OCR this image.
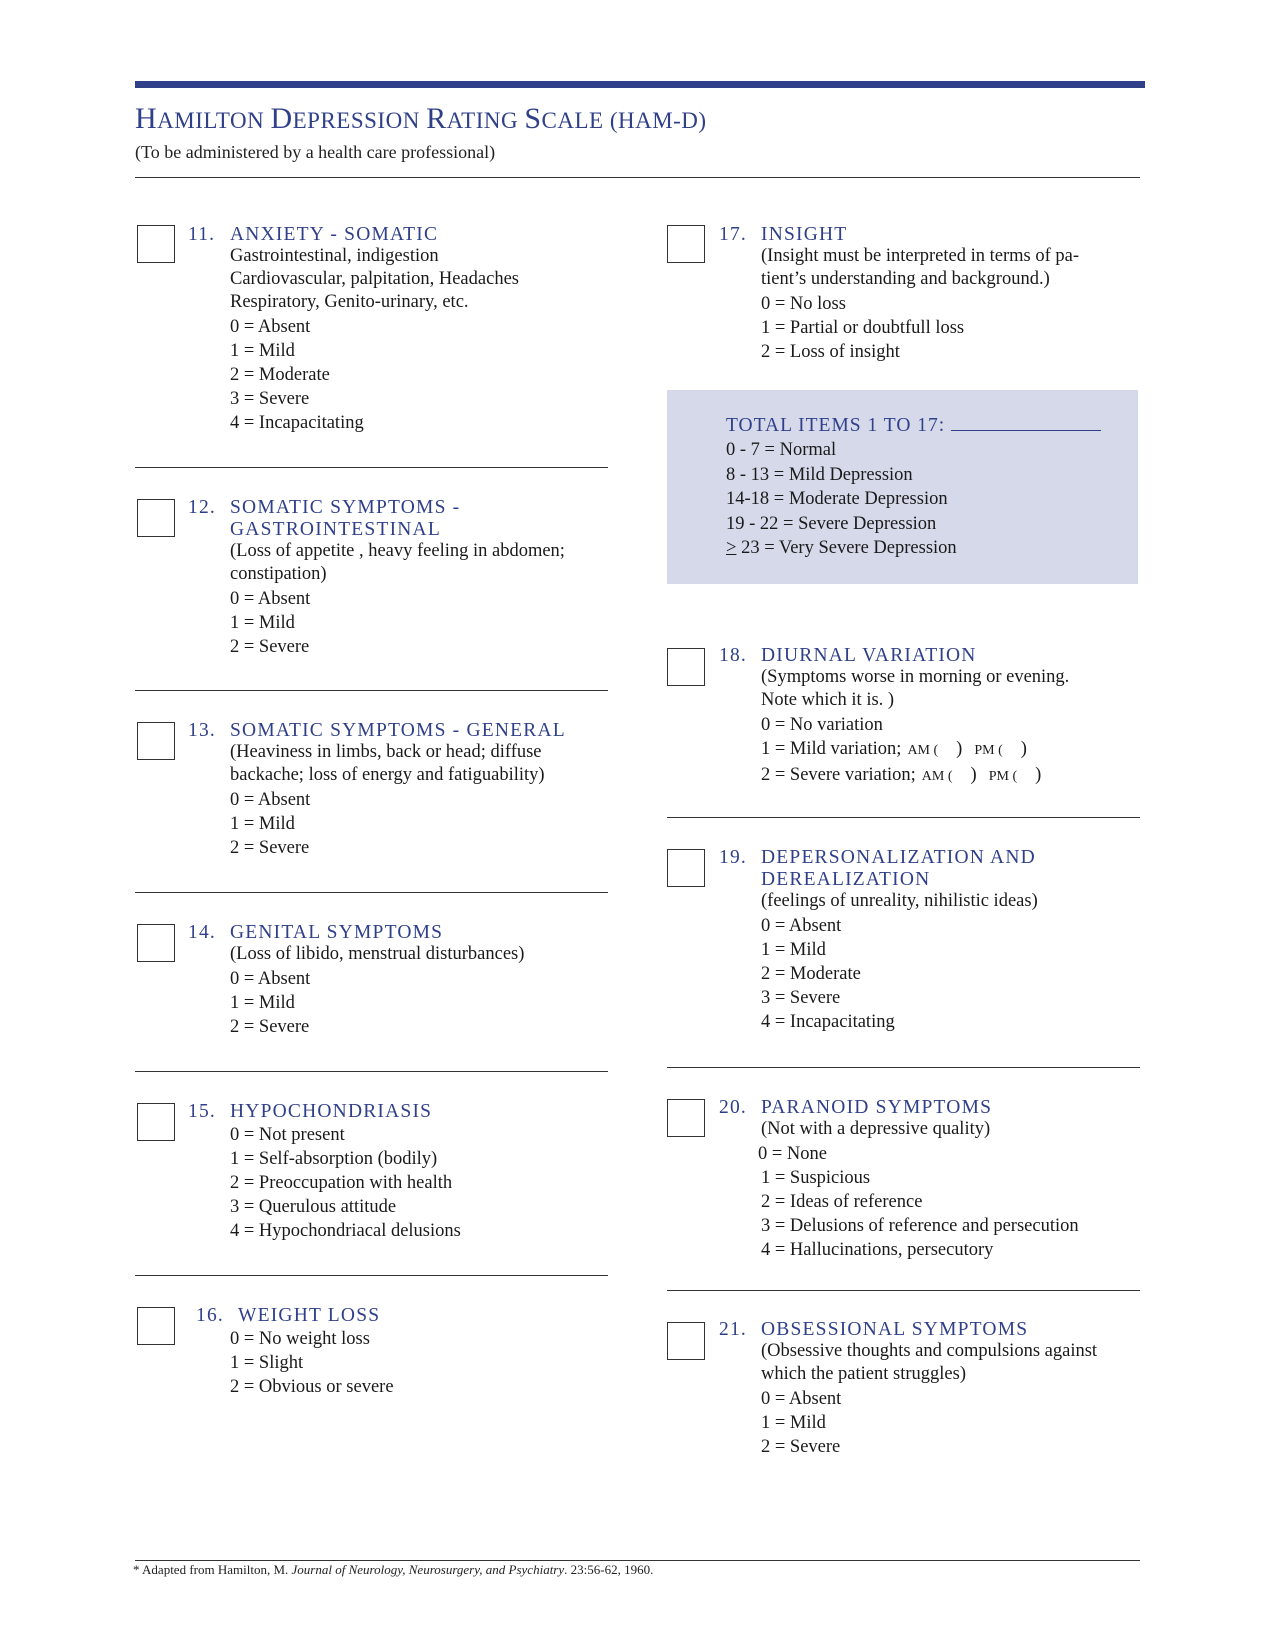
HAMILTON DEPRESSION RATING SCALE (HAM-D)
(To be administered by a health care professional)
11. ANXIETY - SOMATIC
Gastrointestinal, indigestion
Cardiovascular, palpitation, Headaches
Respiratory, Genito-urinary, etc.
0 = Absent
1 = Mild
2 = Moderate
3 = Severe
4 = Incapacitating
12. SOMATIC SYMPTOMS -
GASTROINTESTINAL
(Loss of appetite , heavy feeling in abdomen;
constipation)
0 = Absent
1 = Mild
2 = Severe
13. SOMATIC SYMPTOMS - GENERAL
(Heaviness in limbs, back or head; diffuse
backache; loss of energy and fatiguability)
0 = Absent
1 = Mild
2 = Severe
14. GENITAL SYMPTOMS
(Loss of libido, menstrual disturbances)
0 = Absent
1 = Mild
2 = Severe
15. HYPOCHONDRIASIS
0 = Not present
1 = Self-absorption (bodily)
2 = Preoccupation with health
3 = Querulous attitude
4 = Hypochondriacal delusions
16. WEIGHT LOSS
0 = No weight loss
1 = Slight
2 = Obvious or severe
17. INSIGHT
(Insight must be interpreted in terms of pa-
tient’s understanding and background.)
0 = No loss
1 = Partial or doubtfull loss
2 = Loss of insight
TOTAL ITEMS 1 TO 17:
0 - 7 = Normal
8 - 13 = Mild Depression
14-18 = Moderate Depression
19 - 22 = Severe Depression
≥ 23 = Very Severe Depression
18. DIURNAL VARIATION
(Symptoms worse in morning or evening.
Note which it is. )
0 = No variation
1 = Mild variation; AM ( ) PM ( )
2 = Severe variation; AM ( ) PM ( )
19. DEPERSONALIZATION AND
DEREALIZATION
(feelings of unreality, nihilistic ideas)
0 = Absent
1 = Mild
2 = Moderate
3 = Severe
4 = Incapacitating
20. PARANOID SYMPTOMS
(Not with a depressive quality)
0 = None
1 = Suspicious
2 = Ideas of reference
3 = Delusions of reference and persecution
4 = Hallucinations, persecutory
21. OBSESSIONAL SYMPTOMS
(Obsessive thoughts and compulsions against
which the patient struggles)
0 = Absent
1 = Mild
2 = Severe
* Adapted from Hamilton, M. Journal of Neurology, Neurosurgery, and Psychiatry. 23:56-62, 1960.
